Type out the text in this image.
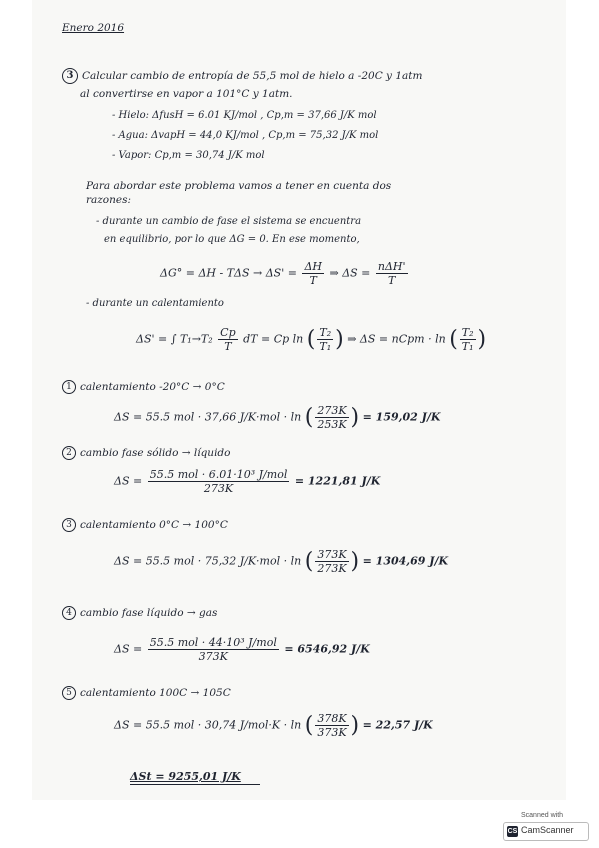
Enero 2016
3 Calcular cambio de entropía de 55,5 mol de hielo a -20C y 1atm
al convertirse en vapor a 101°C y 1atm.
- Hielo: ΔfusH = 6.01 KJ/mol , Cp,m = 37,66 J/K mol
- Agua: ΔvapH = 44,0 KJ/mol , Cp,m = 75,32 J/K mol
- Vapor: Cp,m = 30,74 J/K mol
Para abordar este problema vamos a tener en cuenta dos
razones:
- durante un cambio de fase el sistema se encuentra
en equilibrio, por lo que ΔG = 0. En ese momento,
$\Delta G^\circ = \Delta H - T\Delta S \to \Delta S' = \frac{\Delta H}{T}$ ⇒ $\Delta S = \frac{\text{nΔH'}}{T}$
- durante un calentamiento
ΔS' = ∫ $T_1\to T_2 \frac{Cp}{T}$ dT = Cp ln ( $\frac{\text{T₂}}{\text{T₁}}$ ) ⇒ ΔS = nCpm · ln ( $\frac{\text{T₂}}{\text{T₁}}$ )
1 calentamiento -20°C → 0°C
ΔS = 55.5 mol · 37,66 J/K·mol · ln ( $\frac{273K}{253K}$ ) = 159,02 J/K
2 cambio fase sólido → líquido
$\Delta S = \frac{\text{55.5 mol · 6.01·10³ J/mol}}{273K} = 1221,81$ J/K
3 calentamiento 0°C → 100°C
ΔS = 55.5 mol · 75,32 J/K·mol · ln ( $\frac{373K}{273K}$ ) = 1304,69 J/K
4 cambio fase líquido → gas
$\Delta S = \frac{\text{55.5 mol · 44·10³ J/mol}}{373K} = 6546,92$ J/K
5 calentamiento 100C → 105C
ΔS = 55.5 mol · 30,74 J/mol·K · ln ( $\frac{378K}{373K}$ ) = 22,57 J/K
ΔSt = 9255,01 J/K
Scanned with
CS CamScanner
